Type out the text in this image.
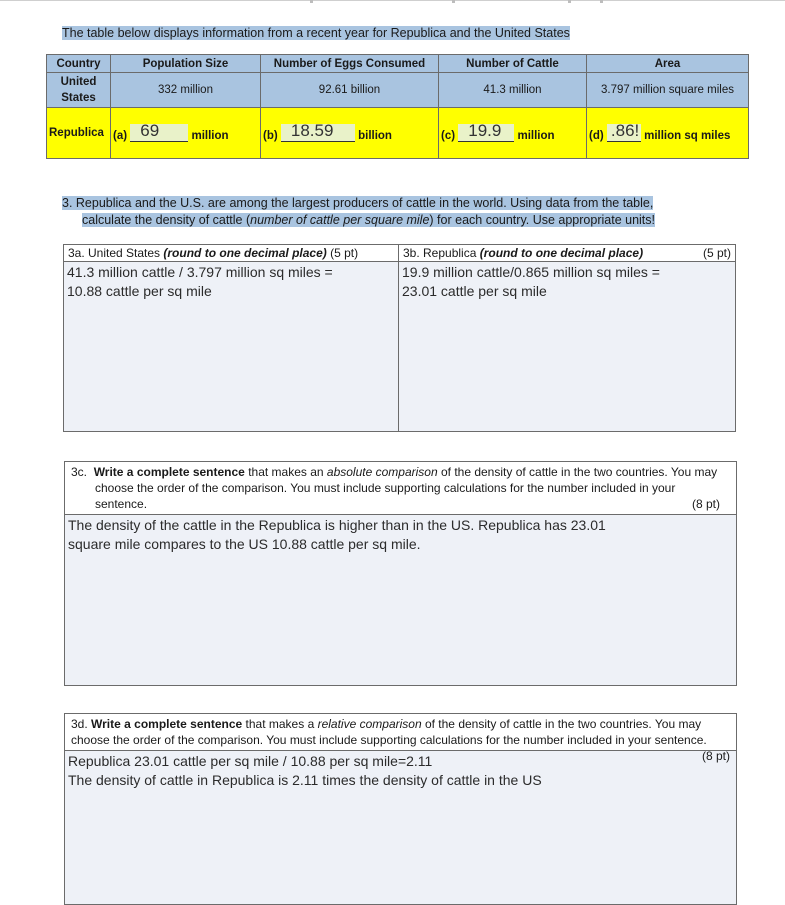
The table below displays information from a recent year for Republica and the United States
Country	Population Size	Number of Eggs Consumed	Number of Cattle	Area
United States	332 million	92.61 billion	41.3 million	3.797 million square miles
Republica	(a) 69 million	(b) 18.59 billion	(c) 19.9 million	(d) .86! million sq miles
3. Republica and the U.S. are among the largest producers of cattle in the world. Using data from the table,
calculate the density of cattle (number of cattle per square mile) for each country. Use appropriate units!
3a. United States (round to one decimal place) (5 pt)
41.3 million cattle / 3.797 million sq miles =
10.88 cattle per sq mile
3b. Republica (round to one decimal place)	(5 pt)
19.9 million cattle/0.865 million sq miles =
23.01 cattle per sq mile
3c. Write a complete sentence that makes an absolute comparison of the density of cattle in the two countries. You may choose the order of the comparison. You must include supporting calculations for the number included in your sentence.	(8 pt)
The density of the cattle in the Republica is higher than in the US. Republica has 23.01
square mile compares to the US 10.88 cattle per sq mile.
3d. Write a complete sentence that makes a relative comparison of the density of cattle in the two countries. You may choose the order of the comparison. You must include supporting calculations for the number included in your sentence.
(8 pt)
Republica 23.01 cattle per sq mile / 10.88 per sq mile=2.11
The density of cattle in Republica is 2.11 times the density of cattle in the US
